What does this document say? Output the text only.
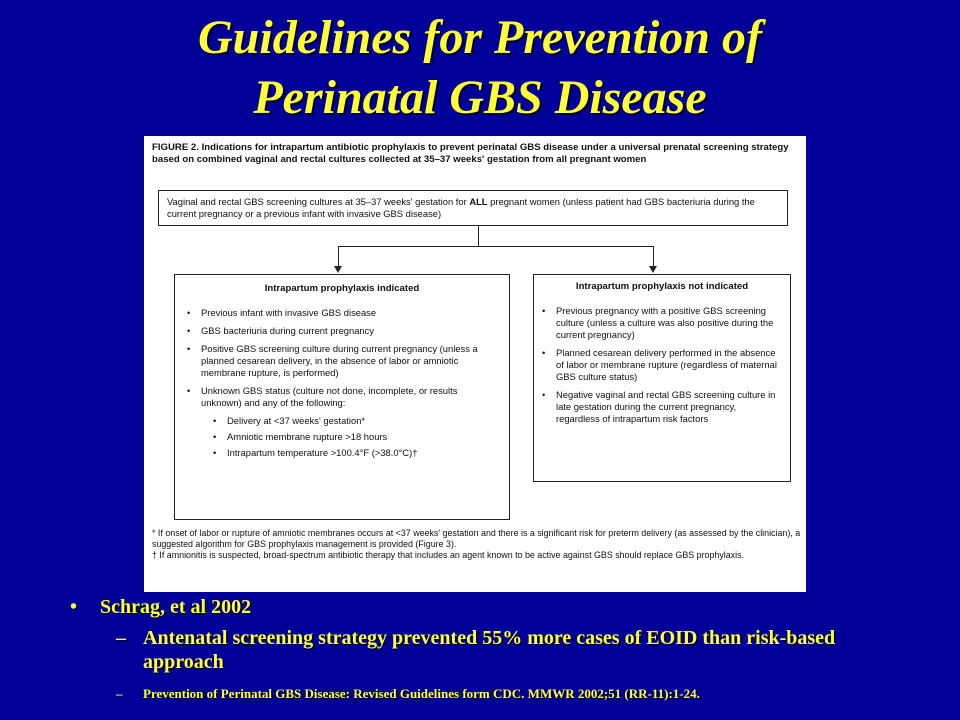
Guidelines for Prevention of
Perinatal GBS Disease
FIGURE 2. Indications for intrapartum antibiotic prophylaxis to prevent perinatal GBS disease under a universal prenatal screening strategy based on combined vaginal and rectal cultures collected at 35–37 weeks' gestation from all pregnant women
Vaginal and rectal GBS screening cultures at 35–37 weeks' gestation for ALL pregnant women (unless patient had GBS bacteriuria during the current pregnancy or a previous infant with invasive GBS disease)
Intrapartum prophylaxis indicated
• Previous infant with invasive GBS disease
• GBS bacteriuria during current pregnancy
• Positive GBS screening culture during current pregnancy (unless a planned cesarean delivery, in the absence of labor or amniotic membrane rupture, is performed)
• Unknown GBS status (culture not done, incomplete, or results unknown) and any of the following:
• Delivery at <37 weeks' gestation*
• Amniotic membrane rupture >18 hours
• Intrapartum temperature >100.4°F (>38.0°C)†
Intrapartum prophylaxis not indicated
• Previous pregnancy with a positive GBS screening culture (unless a culture was also positive during the current pregnancy)
• Planned cesarean delivery performed in the absence of labor or membrane rupture (regardless of maternal GBS culture status)
• Negative vaginal and rectal GBS screening culture in late gestation during the current pregnancy, regardless of intrapartum risk factors
* If onset of labor or rupture of amniotic membranes occurs at <37 weeks' gestation and there is a significant risk for preterm delivery (as assessed by the clinician), a suggested algorithm for GBS prophylaxis management is provided (Figure 3).
† If amnionitis is suspected, broad-spectrum antibiotic therapy that includes an agent known to be active against GBS should replace GBS prophylaxis.
• Schrag, et al 2002
– Antenatal screening strategy prevented 55% more cases of EOID than risk-based approach
– Prevention of Perinatal GBS Disease: Revised Guidelines form CDC. MMWR 2002;51 (RR-11):1-24.
